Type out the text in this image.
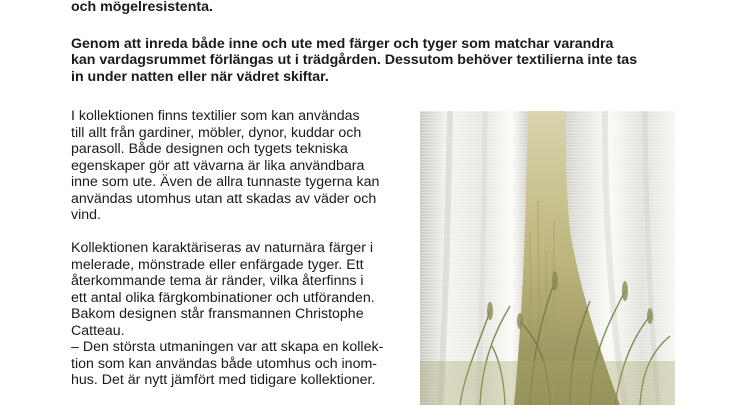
och mögelresistenta.

Genom att inreda både inne och ute med färger och tyger som matchar varandra
kan vardagsrummet förlängas ut i trädgården. Dessutom behöver textilierna inte tas
in under natten eller när vädret skiftar.

I kollektionen finns textilier som kan användas
till allt från gardiner, möbler, dynor, kuddar och
parasoll. Både designen och tygets tekniska
egenskaper gör att vävarna är lika användbara
inne som ute. Även de allra tunnaste tygerna kan
användas utomhus utan att skadas av väder och
vind.

Kollektionen karaktäriseras av naturnära färger i
melerade, mönstrade eller enfärgade tyger. Ett
återkommande tema är ränder, vilka återfinns i
ett antal olika färgkombinationer och utföranden.
Bakom designen står fransmannen Christophe
Catteau.
– Den största utmaningen var att skapa en kollek-
tion som kan användas både utomhus och inom-
hus. Det är nytt jämfört med tidigare kollektioner.
